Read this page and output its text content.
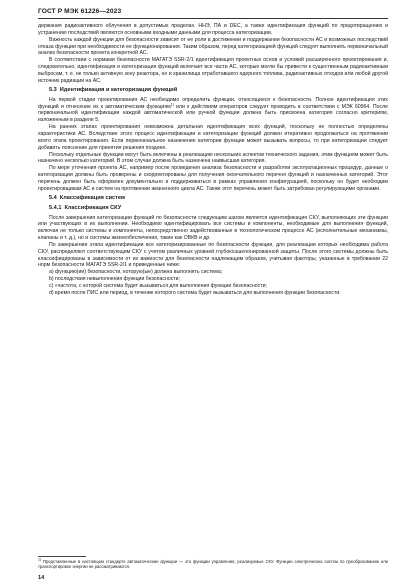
ГОСТ Р МЭК 61226—2023

держания радиоактивного облучения в допустимых пределах. ННЭ, ПА и DEC, а также идентификация функций по предотвращению и устранению последствий являются основными входными данными для процесса категоризации.

Важность каждой функции для безопасности зависит от ее роли в достижении и поддержании безопасности АС и возможных последствий отказа функции при необходимости ее функционирования. Таким образом, перед категоризацией функций следует выполнить первоначальный анализ безопасности проекта конкретной АС.

В соответствии с нормами безопасности МАГАТЭ SSR-2/1 идентификация проектных основ и условий расширенного проектирования и, следовательно, идентификация и категоризация функций включает все части АС, которые могли бы привести к существенным радиоактивным выбросам, т. е. не только активную зону реактора, но и хранилища отработавшего ядерного топлива, радиоактивных отходов или любой другой источник радиации на АС.

5.3 Идентификация и категоризация функций

На первой стадии проектирования АС необходимо определить функции, относящиеся к безопасности. Полное идентификация этих функций и отнесение их к автоматическим функциям$^{1)}$ или к действиям операторов следует проводить в соответствии с МЭК 60964. После первоначальной идентификации каждой автоматической или ручной функции должна быть присвоена категория согласно критериям, изложенным в разделе 5.

На ранних этапах проектирования невозможна детальная идентификация всех функций, поскольку не полностью определены характеристики АС. Вследствие этого процесс идентификации и категоризации функций должен итеративно продолжаться на протяжении всего этапа проектирования. Если первоначальное назначение категории функции может вызывать вопросы, то при категоризации следует добавить пояснение для принятия решения позднее.

Поскольку отдельные функции могут быть включены в реализацию нескольких аспектов технического задания, этим функциям может быть назначено несколько категорий. В этом случае должна быть назначена наивысшая категория.

По мере уточнения проекта АС, например после проведения анализа безопасности и разработки эксплуатационных процедур, данные о категоризации должны быть проверены и скорректированы для получения окончательного перечня функций и назначенных категорий. Этот перечень должен быть оформлен документально и поддерживаться в рамках управления конфигурацией, поскольку он будет необходим проектировщикам АС и систем на протяжении жизненного цикла АС. Также этот перечень может быть затребован регулирующими органами.

5.4 Классификация систем
5.4.1 Классификация СКУ

После завершения категоризации функций по безопасности следующим шагом является идентификация СКУ, выполняющих эти функции или участвующих в их выполнении. Необходимо идентифицировать все системы и компоненты, необходимые для выполнения функций, включая не только системы и компоненты, непосредственно задействованные в технологическом процессе АС (исполнительные механизмы, клапаны и т. д.), но и системы жизнеобеспечения, такие как ОВКВ и др.

По завершении этапа идентификации все категоризированные по безопасности функции, для реализации которых необходима работа СКУ, распределяют соответствующим СКУ с учетом различных уровней глубокоэшелонированной защиты. После этого системы должны быть классифицированы в зависимости от их важности для безопасности надлежащим образом, учитывая факторы, указанные в требовании 22 норм безопасности МАГАТЭ SSR-2/1 и приведенные ниже:

а) функцию(ии) безопасности, которую(ые) должна выполнять система;

b) последствия невыполнения функции безопасности;

c) «частота, с которой система будет вызываться для выполнения функции безопасности;

d) время после ПИС или период, в течение которого система будет вызываться для выполнения функции безопасности.

$^{1)}$ Представленные в настоящем стандарте автоматические функции — это функции управления, реализуемые СКУ. Функции электрических систем по преобразованию или транспортировке энергии не рассматриваются.
14
